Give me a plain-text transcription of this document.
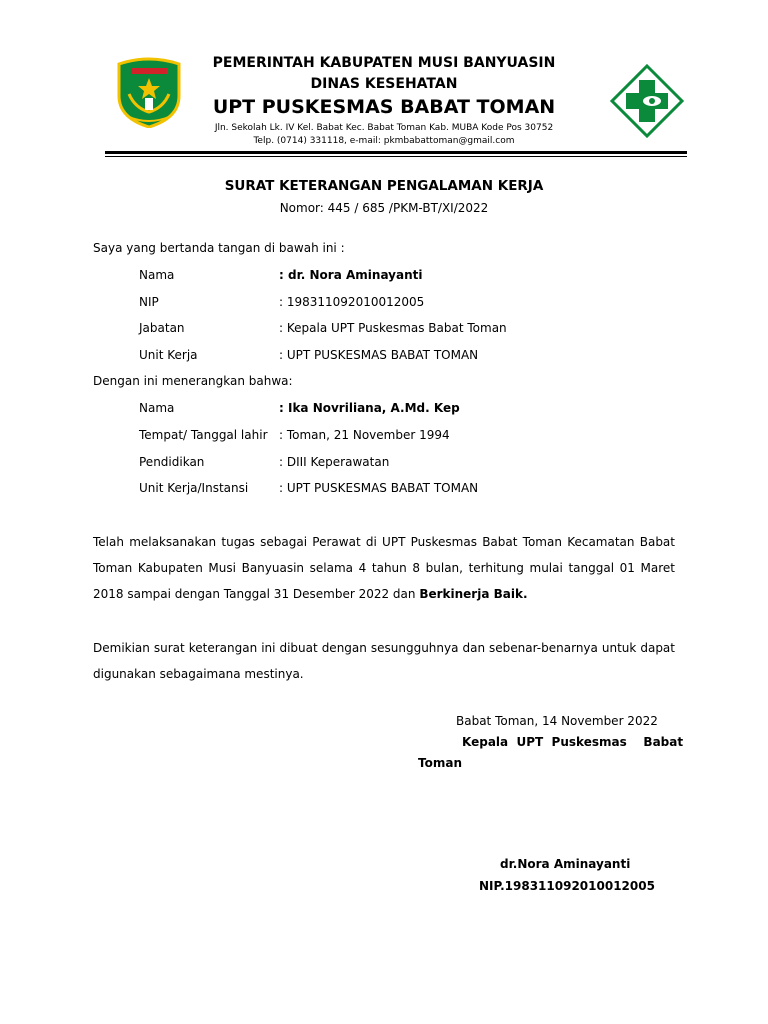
PEMERINTAH KABUPATEN MUSI BANYUASIN
DINAS KESEHATAN
UPT PUSKESMAS BABAT TOMAN
Jln. Sekolah Lk. IV Kel. Babat Kec. Babat Toman Kab. MUBA Kode Pos 30752
Telp. (0714) 331118, e-mail: pkmbabattoman@gmail.com
SURAT KETERANGAN PENGALAMAN KERJA
Nomor: 445 / 685 /PKM-BT/XI/2022
Saya yang bertanda tangan di bawah ini :
Nama	: dr. Nora Aminayanti
NIP	: 198311092010012005
Jabatan	: Kepala UPT Puskesmas Babat Toman
Unit Kerja	: UPT PUSKESMAS BABAT TOMAN
Dengan ini menerangkan bahwa:
Nama	: Ika Novriliana, A.Md. Kep
Tempat/ Tanggal lahir : Toman, 21 November 1994
Pendidikan	: DIII Keperawatan
Unit Kerja/Instansi	: UPT PUSKESMAS BABAT TOMAN
Telah melaksanakan tugas sebagai Perawat di UPT Puskesmas Babat Toman Kecamatan Babat Toman Kabupaten Musi Banyuasin selama 4 tahun 8 bulan, terhitung mulai tanggal 01 Maret 2018 sampai dengan Tanggal 31 Desember 2022 dan Berkinerja Baik.
Demikian surat keterangan ini dibuat dengan sesungguhnya dan sebenar-benarnya untuk dapat digunakan sebagaimana mestinya.
Babat Toman, 14 November 2022
Kepala  UPT  Puskesmas    Babat
Toman
dr.Nora Aminayanti
NIP.198311092010012005
